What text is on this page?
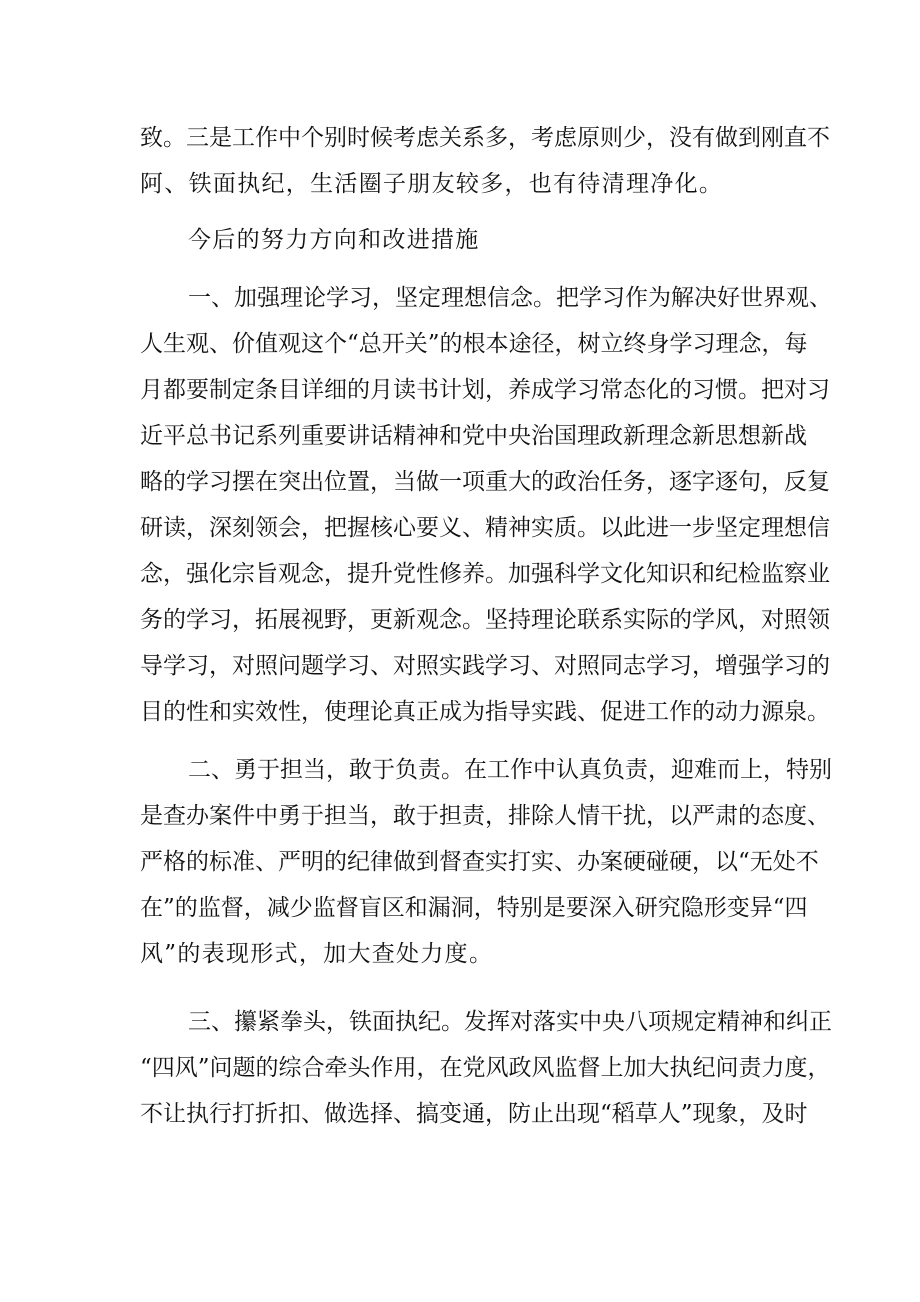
致。三是工作中个别时候考虑关系多，考虑原则少，没有做到刚直不
阿、铁面执纪，生活圈子朋友较多，也有待清理净化。
今后的努力方向和改进措施
一、加强理论学习，坚定理想信念。把学习作为解决好世界观、
人生观、价值观这个“总开关”的根本途径，树立终身学习理念，每
月都要制定条目详细的月读书计划，养成学习常态化的习惯。把对习
近平总书记系列重要讲话精神和党中央治国理政新理念新思想新战
略的学习摆在突出位置，当做一项重大的政治任务，逐字逐句，反复
研读，深刻领会，把握核心要义、精神实质。以此进一步坚定理想信
念，强化宗旨观念，提升党性修养。加强科学文化知识和纪检监察业
务的学习，拓展视野，更新观念。坚持理论联系实际的学风，对照领
导学习，对照问题学习、对照实践学习、对照同志学习，增强学习的
目的性和实效性，使理论真正成为指导实践、促进工作的动力源泉。
二、勇于担当，敢于负责。在工作中认真负责，迎难而上，特别
是查办案件中勇于担当，敢于担责，排除人情干扰，以严肃的态度、
严格的标准、严明的纪律做到督查实打实、办案硬碰硬，以“无处不
在”的监督，减少监督盲区和漏洞，特别是要深入研究隐形变异“四
风”的表现形式，加大查处力度。
三、攥紧拳头，铁面执纪。发挥对落实中央八项规定精神和纠正
“四风”问题的综合牵头作用，在党风政风监督上加大执纪问责力度，
不让执行打折扣、做选择、搞变通，防止出现“稻草人”现象，及时
